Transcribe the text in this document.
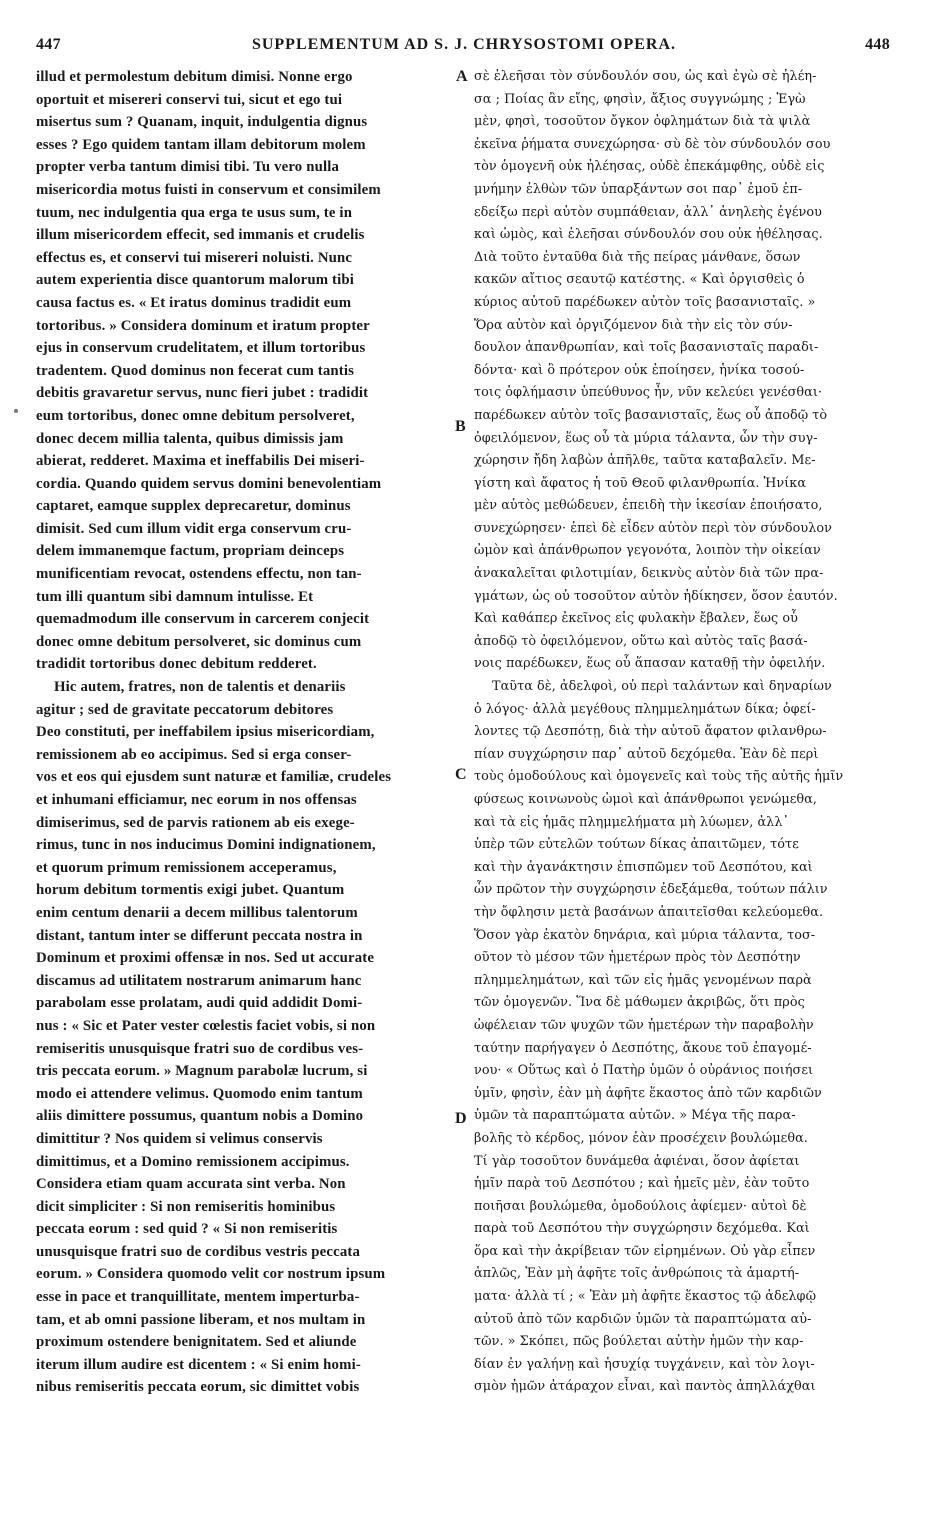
447	SUPPLEMENTUM AD S. J. CHRYSOSTOMI OPERA.	448
illud et permolestum debitum dimisi. Nonne ergo
oportuit et misereri conservi tui, sicut et ego tui
misertus sum ? Quanam, inquit, indulgentia dignus
esses ? Ego quidem tantam illam debitorum molem
propter verba tantum dimisi tibi. Tu vero nulla
misericordia motus fuisti in conservum et consimilem
tuum, nec indulgentia qua erga te usus sum, te in
illum misericordem effecit, sed immanis et crudelis
effectus es, et conservi tui misereri noluisti. Nunc
autem experientia disce quantorum malorum tibi
causa factus es. « Et iratus dominus tradidit eum
tortoribus. » Considera dominum et iratum propter
ejus in conservum crudelitatem, et illum tortoribus
tradentem. Quod dominus non fecerat cum tantis
debitis gravaretur servus, nunc fieri jubet : tradidit
eum tortoribus, donec omne debitum persolveret,
donec decem millia talenta, quibus dimissis jam
abierat, redderet. Maxima et ineffabilis Dei miseri-
cordia. Quando quidem servus domini benevolentiam
captaret, eamque supplex deprecaretur, dominus
dimisit. Sed cum illum vidit erga conservum cru-
delem immanemque factum, propriam deinceps
munificentiam revocat, ostendens effectu, non tan-
tum illi quantum sibi damnum intulisse. Et
quemadmodum ille conservum in carcerem conjecit
donec omne debitum persolveret, sic dominus cum
tradidit tortoribus donec debitum redderet.
Hic autem, fratres, non de talentis et denariis
agitur ; sed de gravitate peccatorum debitores
Deo constituti, per ineffabilem ipsius misericordiam,
remissionem ab eo accipimus. Sed si erga conser-
vos et eos qui ejusdem sunt naturæ et familiæ, crudeles
et inhumani efficiamur, nec eorum in nos offensas
dimiserimus, sed de parvis rationem ab eis exege-
rimus, tunc in nos inducimus Domini indignationem,
et quorum primum remissionem acceperamus,
horum debitum tormentis exigi jubet. Quantum
enim centum denarii a decem millibus talentorum
distant, tantum inter se differunt peccata nostra in
Dominum et proximi offensæ in nos. Sed ut accurate
discamus ad utilitatem nostrarum animarum hanc
parabolam esse prolatam, audi quid addidit Domi-
nus : « Sic et Pater vester cœlestis faciet vobis, si non
remiseritis unusquisque fratri suo de cordibus ves-
tris peccata eorum. » Magnum parabolæ lucrum, si
modo ei attendere velimus. Quomodo enim tantum
aliis dimittere possumus, quantum nobis a Domino
dimittitur ? Nos quidem si velimus conservis
dimittimus, et a Domino remissionem accipimus.
Considera etiam quam accurata sint verba. Non
dicit simpliciter : Si non remiseritis hominibus
peccata eorum : sed quid ? « Si non remiseritis
unusquisque fratri suo de cordibus vestris peccata
eorum. » Considera quomodo velit cor nostrum ipsum
esse in pace et tranquillitate, mentem imperturba-
tam, et ab omni passione liberam, et nos multam in
proximum ostendere benignitatem. Sed et aliunde
iterum illum audire est dicentem : « Si enim homi-
nibus remiseritis peccata eorum, sic dimittet vobis
A
B
C
D
σὲ ἐλεῆσαι τὸν σύνδουλόν σου, ὡς καὶ ἐγὼ σὲ ἠλέη-
σα ; Ποίας ἂν εἴης, φησὶν, ἄξιος συγγνώμης ; Ἐγὼ
μὲν, φησὶ, τοσοῦτον ὄγκον ὀφλημάτων διὰ τὰ ψιλὰ
ἐκεῖνα ῥήματα συνεχώρησα· σὺ δὲ τὸν σύνδουλόν σου
τὸν ὁμογενῆ οὐκ ἠλέησας, οὐδὲ ἐπεκάμφθης, οὐδὲ εἰς
μνήμην ἐλθὼν τῶν ὑπαρξάντων σοι παρ᾽ ἐμοῦ ἐπ-
εδείξω περὶ αὐτὸν συμπάθειαν, ἀλλ᾽ ἀνηλεὴς ἐγένου
καὶ ὠμὸς, καὶ ἐλεῆσαι σύνδουλόν σου οὐκ ἠθέλησας.
Διὰ τοῦτο ἐνταῦθα διὰ τῆς πείρας μάνθανε, ὅσων
κακῶν αἴτιος σεαυτῷ κατέστης. « Καὶ ὀργισθεὶς ὁ
κύριος αὐτοῦ παρέδωκεν αὐτὸν τοῖς βασανισταῖς. »
Ὅρα αὐτὸν καὶ ὀργιζόμενον διὰ τὴν εἰς τὸν σύν-
δουλον ἀπανθρωπίαν, καὶ τοῖς βασανισταῖς παραδι-
δόντα· καὶ ὃ πρότερον οὐκ ἐποίησεν, ἡνίκα τοσού-
τοις ὀφλήμασιν ὑπεύθυνος ἦν, νῦν κελεύει γενέσθαι·
παρέδωκεν αὐτὸν τοῖς βασανισταῖς, ἕως οὗ ἀποδῷ τὸ
ὀφειλόμενον, ἕως οὗ τὰ μύρια τάλαντα, ὧν τὴν συγ-
χώρησιν ἤδη λαβὼν ἀπῆλθε, ταῦτα καταβαλεῖν. Με-
γίστη καὶ ἄφατος ἡ τοῦ Θεοῦ φιλανθρωπία. Ἡνίκα
μὲν αὐτὸς μεθώδευεν, ἐπειδὴ τὴν ἱκεσίαν ἐποιήσατο,
συνεχώρησεν· ἐπεὶ δὲ εἶδεν αὐτὸν περὶ τὸν σύνδουλον
ὠμὸν καὶ ἀπάνθρωπον γεγονότα, λοιπὸν τὴν οἰκείαν
ἀνακαλεῖται φιλοτιμίαν, δεικνὺς αὐτὸν διὰ τῶν πρα-
γμάτων, ὡς οὐ τοσοῦτον αὐτὸν ἠδίκησεν, ὅσον ἑαυτόν.
Καὶ καθάπερ ἐκεῖνος εἰς φυλακὴν ἔβαλεν, ἕως οὗ
ἀποδῷ τὸ ὀφειλόμενον, οὕτω καὶ αὐτὸς ταῖς βασά-
νοις παρέδωκεν, ἕως οὗ ἅπασαν καταθῇ τὴν ὀφειλήν.
Ταῦτα δὲ, ἀδελφοὶ, οὐ περὶ ταλάντων καὶ δηναρίων
ὁ λόγος· ἀλλὰ μεγέθους πλημμελημάτων δίκα; ὀφεί-
λοντες τῷ Δεσπότῃ, διὰ τὴν αὐτοῦ ἄφατον φιλανθρω-
πίαν συγχώρησιν παρ᾽ αὐτοῦ δεχόμεθα. Ἐὰν δὲ περὶ
τοὺς ὁμοδούλους καὶ ὁμογενεῖς καὶ τοὺς τῆς αὐτῆς ἡμῖν
φύσεως κοινωνοὺς ὠμοὶ καὶ ἀπάνθρωποι γενώμεθα,
καὶ τὰ εἰς ἡμᾶς πλημμελήματα μὴ λύωμεν, ἀλλ᾽
ὑπὲρ τῶν εὐτελῶν τούτων δίκας ἀπαιτῶμεν, τότε
καὶ τὴν ἀγανάκτησιν ἐπισπῶμεν τοῦ Δεσπότου, καὶ
ὧν πρῶτον τὴν συγχώρησιν ἐδεξάμεθα, τούτων πάλιν
τὴν ὄφλησιν μετὰ βασάνων ἀπαιτεῖσθαι κελεύομεθα.
Ὅσον γὰρ ἑκατὸν δηνάρια, καὶ μύρια τάλαντα, τοσ-
οῦτον τὸ μέσον τῶν ἡμετέρων πρὸς τὸν Δεσπότην
πλημμελημάτων, καὶ τῶν εἰς ἡμᾶς γενομένων παρὰ
τῶν ὁμογενῶν. Ἵνα δὲ μάθωμεν ἀκριβῶς, ὅτι πρὸς
ὠφέλειαν τῶν ψυχῶν τῶν ἡμετέρων τὴν παραβολὴν
ταύτην παρήγαγεν ὁ Δεσπότης, ἄκουε τοῦ ἐπαγομέ-
νου· « Οὕτως καὶ ὁ Πατὴρ ὑμῶν ὁ οὐράνιος ποιήσει
ὑμῖν, φησὶν, ἐὰν μὴ ἀφῆτε ἕκαστος ἀπὸ τῶν καρδιῶν
ὑμῶν τὰ παραπτώματα αὐτῶν. » Μέγα τῆς παρα-
βολῆς τὸ κέρδος, μόνον ἐὰν προσέχειν βουλώμεθα.
Τί γὰρ τοσοῦτον δυνάμεθα ἀφιέναι, ὅσον ἀφίεται
ἡμῖν παρὰ τοῦ Δεσπότου ; καὶ ἡμεῖς μὲν, ἐὰν τοῦτο
ποιῆσαι βουλώμεθα, ὁμοδούλοις ἀφίεμεν· αὐτοὶ δὲ
παρὰ τοῦ Δεσπότου τὴν συγχώρησιν δεχόμεθα. Καὶ
ὅρα καὶ τὴν ἀκρίβειαν τῶν εἰρημένων. Οὐ γὰρ εἶπεν
ἁπλῶς, Ἐὰν μὴ ἀφῆτε τοῖς ἀνθρώποις τὰ ἁμαρτή-
ματα· ἀλλὰ τί ; « Ἐὰν μὴ ἀφῆτε ἕκαστος τῷ ἀδελφῷ
αὐτοῦ ἀπὸ τῶν καρδιῶν ὑμῶν τὰ παραπτώματα αὐ-
τῶν. » Σκόπει, πῶς βούλεται αὐτὴν ἡμῶν τὴν καρ-
δίαν ἐν γαλήνῃ καὶ ἡσυχίᾳ τυγχάνειν, καὶ τὸν λογι-
σμὸν ἡμῶν ἀτάραχον εἶναι, καὶ παντὸς ἀπηλλάχθαι
